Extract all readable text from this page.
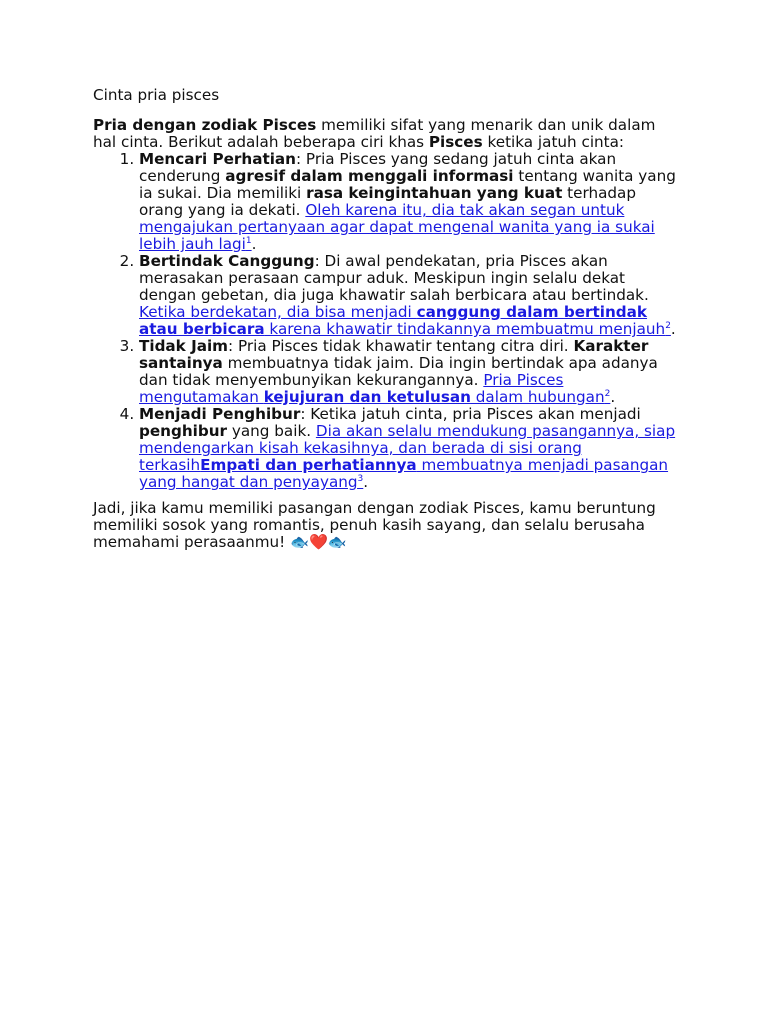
Cinta pria pisces

Pria dengan zodiak Pisces memiliki sifat yang menarik dan unik dalam hal cinta. Berikut adalah beberapa ciri khas Pisces ketika jatuh cinta:

1. Mencari Perhatian: Pria Pisces yang sedang jatuh cinta akan cenderung agresif dalam menggali informasi tentang wanita yang ia sukai. Dia memiliki rasa keingintahuan yang kuat terhadap orang yang ia dekati. Oleh karena itu, dia tak akan segan untuk mengajukan pertanyaan agar dapat mengenal wanita yang ia sukai lebih jauh lagi$^1$.
2. Bertindak Canggung: Di awal pendekatan, pria Pisces akan merasakan perasaan campur aduk. Meskipun ingin selalu dekat dengan gebetan, dia juga khawatir salah berbicara atau bertindak. Ketika berdekatan, dia bisa menjadi canggung dalam bertindak atau berbicara karena khawatir tindakannya membuatmu menjauh$^2$.
3. Tidak Jaim: Pria Pisces tidak khawatir tentang citra diri. Karakter santainya membuatnya tidak jaim. Dia ingin bertindak apa adanya dan tidak menyembunyikan kekurangannya. Pria Pisces mengutamakan kejujuran dan ketulusan dalam hubungan$^2$.
4. Menjadi Penghibur: Ketika jatuh cinta, pria Pisces akan menjadi penghibur yang baik. Dia akan selalu mendukung pasangannya, siap mendengarkan kisah kekasihnya, dan berada di sisi orang terkasihEmpati dan perhatiannya membuatnya menjadi pasangan yang hangat dan penyayang$^3$.

Jadi, jika kamu memiliki pasangan dengan zodiak Pisces, kamu beruntung memiliki sosok yang romantis, penuh kasih sayang, dan selalu berusaha memahami perasaanmu! 🐟❤️🐟
